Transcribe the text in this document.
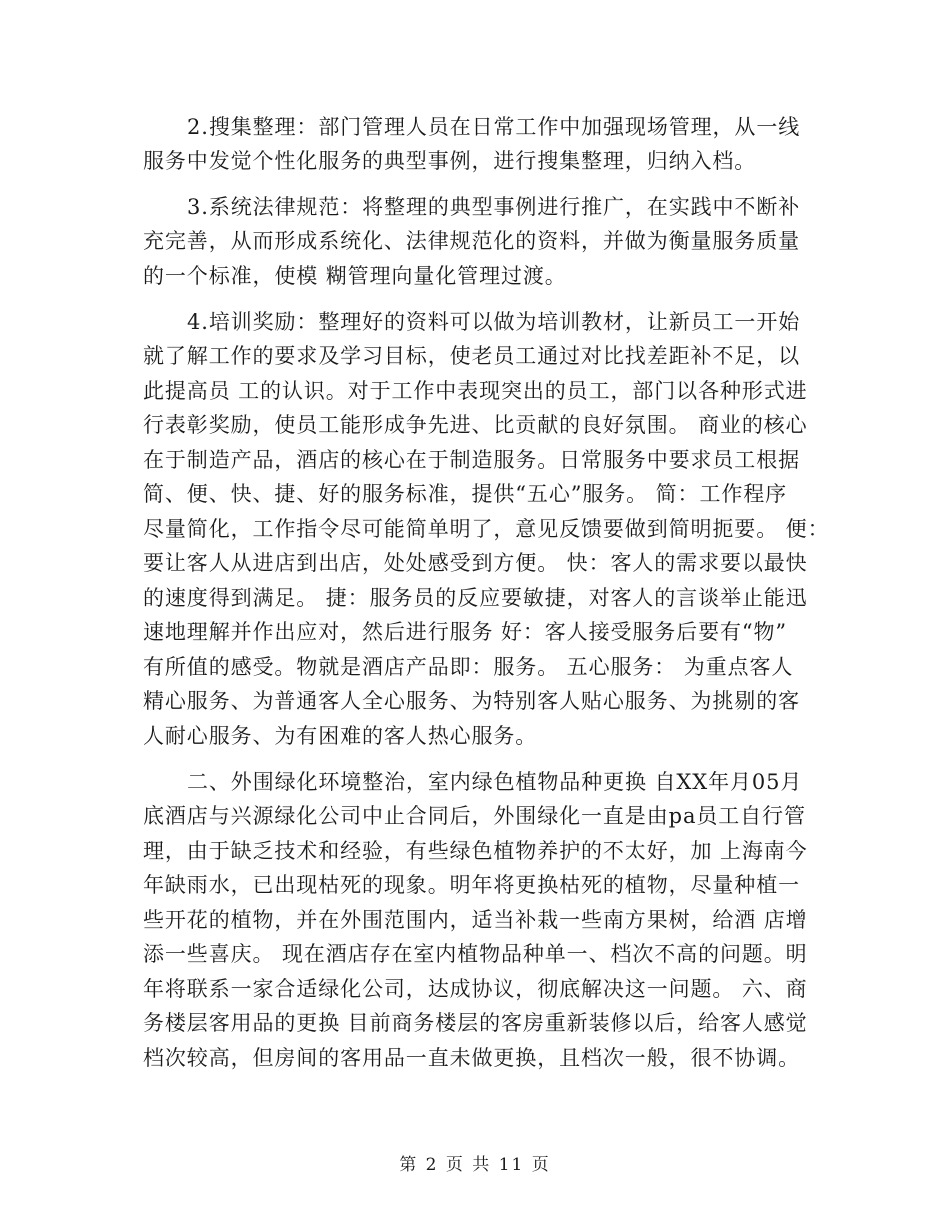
2.搜集整理：部门管理人员在日常工作中加强现场管理，从一线
服务中发觉个性化服务的典型事例，进行搜集整理，归纳入档。
3.系统法律规范：将整理的典型事例进行推广，在实践中不断补
充完善，从而形成系统化、法律规范化的资料，并做为衡量服务质量
的一个标准，使模 糊管理向量化管理过渡。
4.培训奖励：整理好的资料可以做为培训教材，让新员工一开始
就了解工作的要求及学习目标，使老员工通过对比找差距补不足，以
此提高员 工的认识。对于工作中表现突出的员工，部门以各种形式进
行表彰奖励，使员工能形成争先进、比贡献的良好氛围。 商业的核心
在于制造产品，酒店的核心在于制造服务。日常服务中要求员工根据
简、便、快、捷、好的服务标准，提供“五心”服务。 简：工作程序
尽量简化，工作指令尽可能简单明了，意见反馈要做到简明扼要。 便：
要让客人从进店到出店，处处感受到方便。 快：客人的需求要以最快
的速度得到满足。 捷：服务员的反应要敏捷，对客人的言谈举止能迅
速地理解并作出应对，然后进行服务 好：客人接受服务后要有“物”
有所值的感受。物就是酒店产品即：服务。 五心服务： 为重点客人
精心服务、为普通客人全心服务、为特别客人贴心服务、为挑剔的客
人耐心服务、为有困难的客人热心服务。
二、外围绿化环境整治，室内绿色植物品种更换 自XX年月05月
底酒店与兴源绿化公司中止合同后，外围绿化一直是由pa员工自行管
理，由于缺乏技术和经验，有些绿色植物养护的不太好，加 上海南今
年缺雨水，已出现枯死的现象。明年将更换枯死的植物，尽量种植一
些开花的植物，并在外围范围内，适当补栽一些南方果树，给酒 店增
添一些喜庆。 现在酒店存在室内植物品种单一、档次不高的问题。明
年将联系一家合适绿化公司，达成协议，彻底解决这一问题。 六、商
务楼层客用品的更换 目前商务楼层的客房重新装修以后，给客人感觉
档次较高，但房间的客用品一直未做更换，且档次一般，很不协调。
第 2 页 共 11 页
